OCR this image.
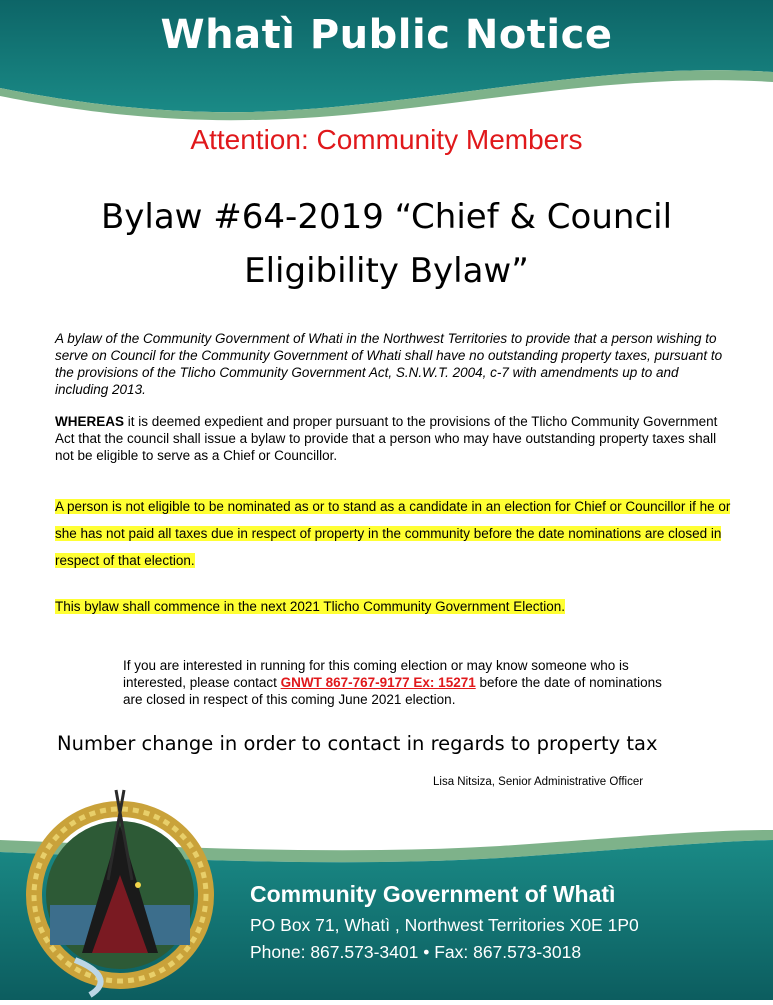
Whatì Public Notice
Attention: Community Members
Bylaw #64-2019 “Chief & Council
Eligibility Bylaw”

A bylaw of the Community Government of Whati in the Northwest Territories to provide that a person wishing to serve on Council for the Community Government of Whati shall have no outstanding property taxes, pursuant to the provisions of the Tlicho Community Government Act, S.N.W.T. 2004, c-7 with amendments up to and including 2013.

WHEREAS it is deemed expedient and proper pursuant to the provisions of the Tlicho Community Government Act that the council shall issue a bylaw to provide that a person who may have outstanding property taxes shall not be eligible to serve as a Chief or Councillor.

A person is not eligible to be nominated as or to stand as a candidate in an election for Chief or Councillor if he or she has not paid all taxes due in respect of property in the community before the date nominations are closed in respect of that election.

This bylaw shall commence in the next 2021 Tlicho Community Government Election.

If you are interested in running for this coming election or may know someone who is interested, please contact GNWT 867-767-9177 Ex: 15271 before the date of nominations are closed in respect of this coming June 2021 election.

Number change in order to contact in regards to property tax
Lisa Nitsiza, Senior Administrative Officer
Community Government of Whatì
PO Box 71, Whatì , Northwest Territories X0E 1P0
Phone: 867.573-3401 • Fax: 867.573-3018
